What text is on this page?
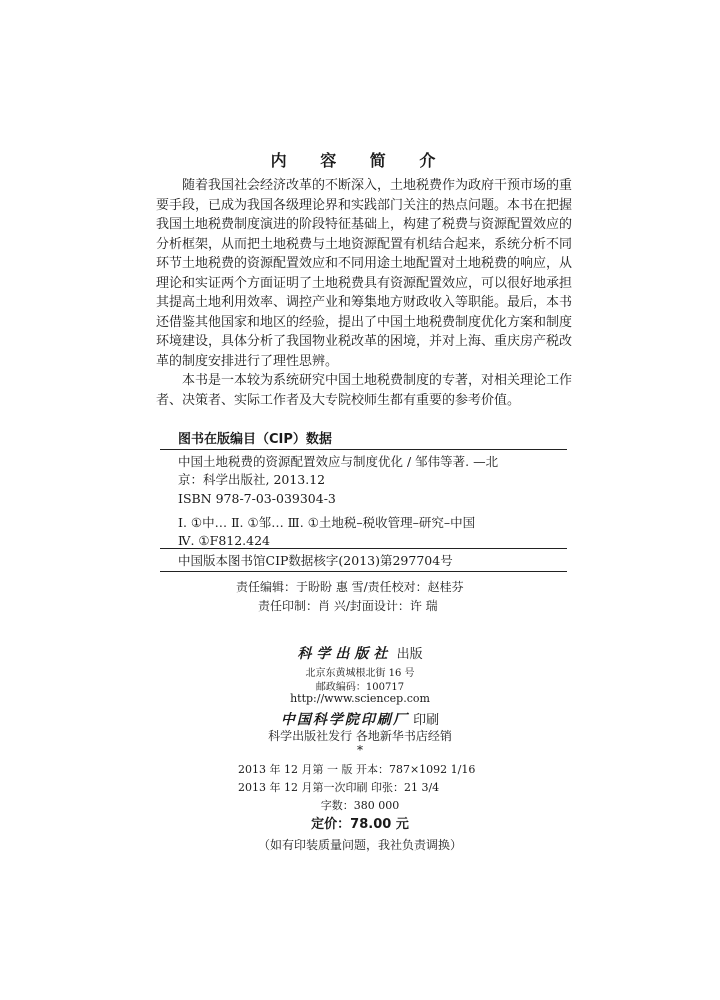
内 容 简 介
随着我国社会经济改革的不断深入，土地税费作为政府干预市场的重
要手段，已成为我国各级理论界和实践部门关注的热点问题。本书在把握
我国土地税费制度演进的阶段特征基础上，构建了税费与资源配置效应的
分析框架，从而把土地税费与土地资源配置有机结合起来，系统分析不同
环节土地税费的资源配置效应和不同用途土地配置对土地税费的响应，从
理论和实证两个方面证明了土地税费具有资源配置效应，可以很好地承担
其提高土地利用效率、调控产业和筹集地方财政收入等职能。最后，本书
还借鉴其他国家和地区的经验，提出了中国土地税费制度优化方案和制度
环境建设，具体分析了我国物业税改革的困境，并对上海、重庆房产税改
革的制度安排进行了理性思辨。
本书是一本较为系统研究中国土地税费制度的专著，对相关理论工作
者、决策者、实际工作者及大专院校师生都有重要的参考价值。
图书在版编目（CIP）数据
中国土地税费的资源配置效应与制度优化 / 邹伟等著. —北
京：科学出版社, 2013.12
ISBN 978-7-03-039304-3
Ⅰ. ①中… Ⅱ. ①邹… Ⅲ. ①土地税–税收管理–研究–中国
Ⅳ. ①F812.424
中国版本图书馆CIP数据核字(2013)第297704号
责任编辑：于盼盼 惠 雪/责任校对：赵桂芬
责任印制：肖 兴/封面设计：许 瑞
科学出版社 出版
北京东黄城根北街 16 号
邮政编码：100717
http://www.sciencep.com
中国科学院印刷厂 印刷
科学出版社发行 各地新华书店经销
*
2013 年 12 月第 一 版 开本：787×1092 1/16
2013 年 12 月第一次印刷 印张：21 3/4
字数：380 000
定价：78.00 元
（如有印装质量问题，我社负责调换）
